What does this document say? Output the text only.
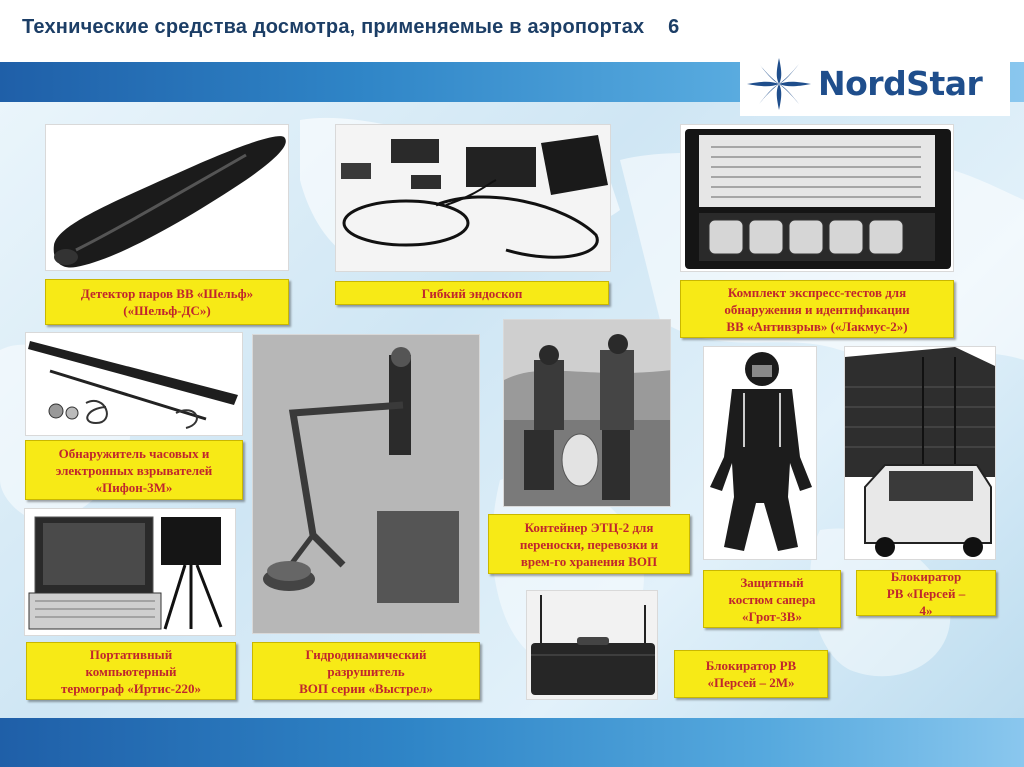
Технические средства досмотра, применяемые в аэропортах 6
NordStar
Детектор паров ВВ «Шельф»
(«Шельф-ДС»)
Гибкий эндоскоп	Комплект экспресс-тестов для
обнаружения и идентификации
ВВ «Антивзрыв» («Лакмус-2»)
Обнаружитель часовых и
электронных взрывателей
«Пифон-3М»
Гидродинамический
разрушитель
ВОП серии «Выстрел»
Контейнер ЭТЦ-2 для
переноски, перевозки и
врем-го хранения ВОП
Защитный
костюм сапера
«Грот-3В»
Блокиратор
РВ «Персей –
4»
Портативный
компьютерный
термограф «Иртис-220»
Блокиратор РВ
«Персей – 2М»
